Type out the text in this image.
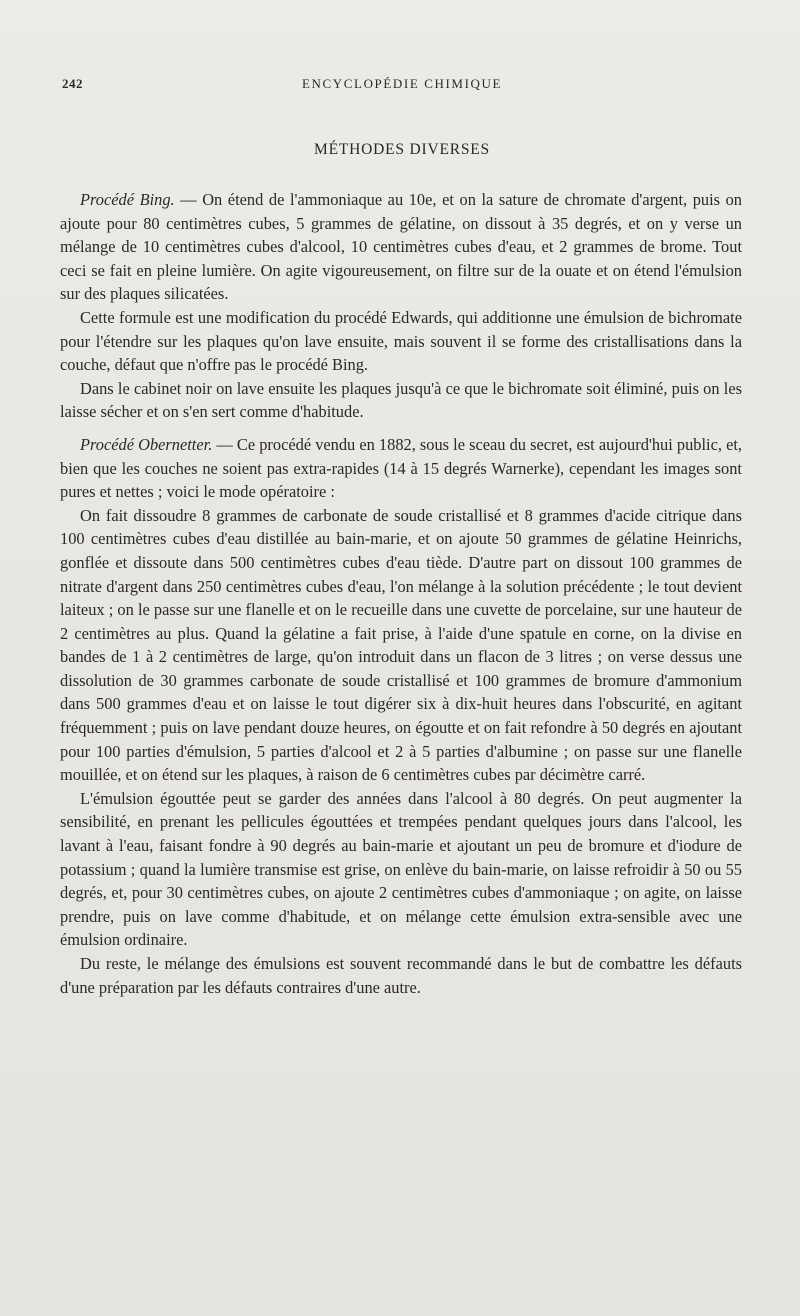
242	ENCYCLOPÉDIE CHIMIQUE
MÉTHODES DIVERSES

Procédé Bing. — On étend de l'ammoniaque au 10e, et on la sature de chromate d'argent, puis on ajoute pour 80 centimètres cubes, 5 grammes de gélatine, on dissout à 35 degrés, et on y verse un mélange de 10 centimètres cubes d'alcool, 10 centimètres cubes d'eau, et 2 grammes de brome. Tout ceci se fait en pleine lumière. On agite vigoureusement, on filtre sur de la ouate et on étend l'émulsion sur des plaques silicatées.

Cette formule est une modification du procédé Edwards, qui additionne une émulsion de bichromate pour l'étendre sur les plaques qu'on lave ensuite, mais souvent il se forme des cristallisations dans la couche, défaut que n'offre pas le procédé Bing.

Dans le cabinet noir on lave ensuite les plaques jusqu'à ce que le bichromate soit éliminé, puis on les laisse sécher et on s'en sert comme d'habitude.

Procédé Obernetter. — Ce procédé vendu en 1882, sous le sceau du secret, est aujourd'hui public, et, bien que les couches ne soient pas extra-rapides (14 à 15 degrés Warnerke), cependant les images sont pures et nettes ; voici le mode opératoire :

On fait dissoudre 8 grammes de carbonate de soude cristallisé et 8 grammes d'acide citrique dans 100 centimètres cubes d'eau distillée au bain-marie, et on ajoute 50 grammes de gélatine Heinrichs, gonflée et dissoute dans 500 centimètres cubes d'eau tiède. D'autre part on dissout 100 grammes de nitrate d'argent dans 250 centimètres cubes d'eau, l'on mélange à la solution précédente ; le tout devient laiteux ; on le passe sur une flanelle et on le recueille dans une cuvette de porcelaine, sur une hauteur de 2 centimètres au plus. Quand la gélatine a fait prise, à l'aide d'une spatule en corne, on la divise en bandes de 1 à 2 centimètres de large, qu'on introduit dans un flacon de 3 litres ; on verse dessus une dissolution de 30 grammes carbonate de soude cristallisé et 100 grammes de bromure d'ammonium dans 500 grammes d'eau et on laisse le tout digérer six à dix-huit heures dans l'obscurité, en agitant fréquemment ; puis on lave pendant douze heures, on égoutte et on fait refondre à 50 degrés en ajoutant pour 100 parties d'émulsion, 5 parties d'alcool et 2 à 5 parties d'albumine ; on passe sur une flanelle mouillée, et on étend sur les plaques, à raison de 6 centimètres cubes par décimètre carré.

L'émulsion égouttée peut se garder des années dans l'alcool à 80 degrés. On peut augmenter la sensibilité, en prenant les pellicules égouttées et trempées pendant quelques jours dans l'alcool, les lavant à l'eau, faisant fondre à 90 degrés au bain-marie et ajoutant un peu de bromure et d'iodure de potassium ; quand la lumière transmise est grise, on enlève du bain-marie, on laisse refroidir à 50 ou 55 degrés, et, pour 30 centimètres cubes, on ajoute 2 centimètres cubes d'ammoniaque ; on agite, on laisse prendre, puis on lave comme d'habitude, et on mélange cette émulsion extra-sensible avec une émulsion ordinaire.

Du reste, le mélange des émulsions est souvent recommandé dans le but de combattre les défauts d'une préparation par les défauts contraires d'une autre.
